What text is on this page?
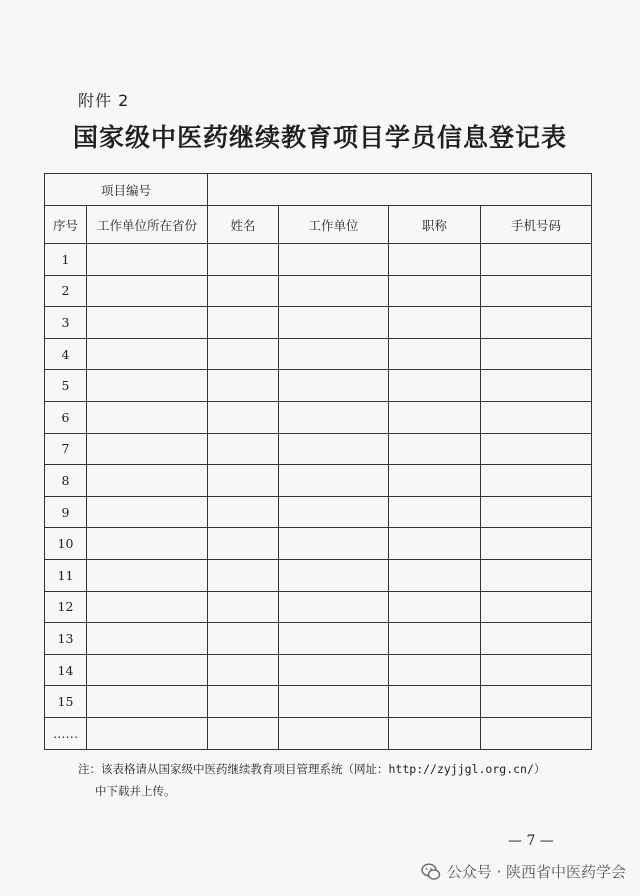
附件 2
国家级中医药继续教育项目学员信息登记表
项目编号					
序号	工作单位所在省份	姓名	工作单位	职称	手机号码
1					
2					
3					
4					
5					
6					
7					
8					
9					
10					
11					
12					
13					
14					
15					
……					
注：该表格请从国家级中医药继续教育项目管理系统（网址：http://zyjjgl.org.cn/）
中下载并上传。
— 7 —
公众号 · 陕西省中医药学会
